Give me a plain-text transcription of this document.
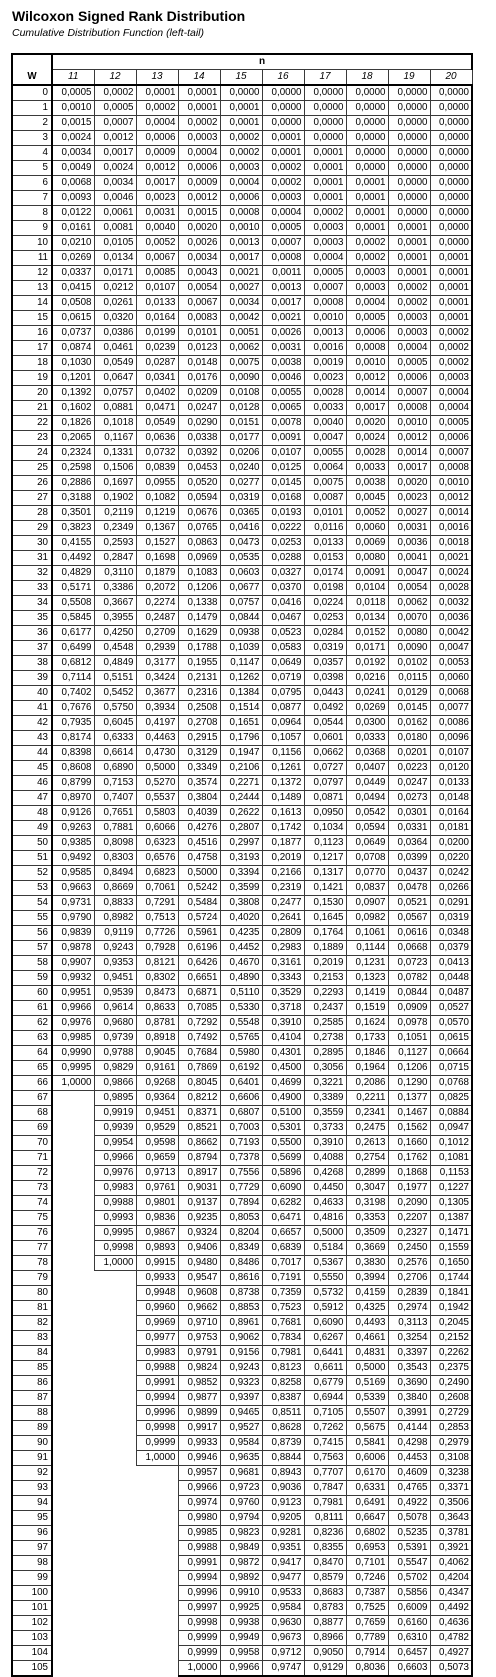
Wilcoxon Signed Rank Distribution
Cumulative Distribution Function (left-tail)
	n									
W	11	12	13	14	15	16	17	18	19	20
0	0,0005	0,0002	0,0001	0,0001	0,0000	0,0000	0,0000	0,0000	0,0000	0,0000
1	0,0010	0,0005	0,0002	0,0001	0,0001	0,0000	0,0000	0,0000	0,0000	0,0000
2	0,0015	0,0007	0,0004	0,0002	0,0001	0,0000	0,0000	0,0000	0,0000	0,0000
3	0,0024	0,0012	0,0006	0,0003	0,0002	0,0001	0,0000	0,0000	0,0000	0,0000
4	0,0034	0,0017	0,0009	0,0004	0,0002	0,0001	0,0001	0,0000	0,0000	0,0000
5	0,0049	0,0024	0,0012	0,0006	0,0003	0,0002	0,0001	0,0000	0,0000	0,0000
6	0,0068	0,0034	0,0017	0,0009	0,0004	0,0002	0,0001	0,0001	0,0000	0,0000
7	0,0093	0,0046	0,0023	0,0012	0,0006	0,0003	0,0001	0,0001	0,0000	0,0000
8	0,0122	0,0061	0,0031	0,0015	0,0008	0,0004	0,0002	0,0001	0,0000	0,0000
9	0,0161	0,0081	0,0040	0,0020	0,0010	0,0005	0,0003	0,0001	0,0001	0,0000
10	0,0210	0,0105	0,0052	0,0026	0,0013	0,0007	0,0003	0,0002	0,0001	0,0000
11	0,0269	0,0134	0,0067	0,0034	0,0017	0,0008	0,0004	0,0002	0,0001	0,0001
12	0,0337	0,0171	0,0085	0,0043	0,0021	0,0011	0,0005	0,0003	0,0001	0,0001
13	0,0415	0,0212	0,0107	0,0054	0,0027	0,0013	0,0007	0,0003	0,0002	0,0001
14	0,0508	0,0261	0,0133	0,0067	0,0034	0,0017	0,0008	0,0004	0,0002	0,0001
15	0,0615	0,0320	0,0164	0,0083	0,0042	0,0021	0,0010	0,0005	0,0003	0,0001
16	0,0737	0,0386	0,0199	0,0101	0,0051	0,0026	0,0013	0,0006	0,0003	0,0002
17	0,0874	0,0461	0,0239	0,0123	0,0062	0,0031	0,0016	0,0008	0,0004	0,0002
18	0,1030	0,0549	0,0287	0,0148	0,0075	0,0038	0,0019	0,0010	0,0005	0,0002
19	0,1201	0,0647	0,0341	0,0176	0,0090	0,0046	0,0023	0,0012	0,0006	0,0003
20	0,1392	0,0757	0,0402	0,0209	0,0108	0,0055	0,0028	0,0014	0,0007	0,0004
21	0,1602	0,0881	0,0471	0,0247	0,0128	0,0065	0,0033	0,0017	0,0008	0,0004
22	0,1826	0,1018	0,0549	0,0290	0,0151	0,0078	0,0040	0,0020	0,0010	0,0005
23	0,2065	0,1167	0,0636	0,0338	0,0177	0,0091	0,0047	0,0024	0,0012	0,0006
24	0,2324	0,1331	0,0732	0,0392	0,0206	0,0107	0,0055	0,0028	0,0014	0,0007
25	0,2598	0,1506	0,0839	0,0453	0,0240	0,0125	0,0064	0,0033	0,0017	0,0008
26	0,2886	0,1697	0,0955	0,0520	0,0277	0,0145	0,0075	0,0038	0,0020	0,0010
27	0,3188	0,1902	0,1082	0,0594	0,0319	0,0168	0,0087	0,0045	0,0023	0,0012
28	0,3501	0,2119	0,1219	0,0676	0,0365	0,0193	0,0101	0,0052	0,0027	0,0014
29	0,3823	0,2349	0,1367	0,0765	0,0416	0,0222	0,0116	0,0060	0,0031	0,0016
30	0,4155	0,2593	0,1527	0,0863	0,0473	0,0253	0,0133	0,0069	0,0036	0,0018
31	0,4492	0,2847	0,1698	0,0969	0,0535	0,0288	0,0153	0,0080	0,0041	0,0021
32	0,4829	0,3110	0,1879	0,1083	0,0603	0,0327	0,0174	0,0091	0,0047	0,0024
33	0,5171	0,3386	0,2072	0,1206	0,0677	0,0370	0,0198	0,0104	0,0054	0,0028
34	0,5508	0,3667	0,2274	0,1338	0,0757	0,0416	0,0224	0,0118	0,0062	0,0032
35	0,5845	0,3955	0,2487	0,1479	0,0844	0,0467	0,0253	0,0134	0,0070	0,0036
36	0,6177	0,4250	0,2709	0,1629	0,0938	0,0523	0,0284	0,0152	0,0080	0,0042
37	0,6499	0,4548	0,2939	0,1788	0,1039	0,0583	0,0319	0,0171	0,0090	0,0047
38	0,6812	0,4849	0,3177	0,1955	0,1147	0,0649	0,0357	0,0192	0,0102	0,0053
39	0,7114	0,5151	0,3424	0,2131	0,1262	0,0719	0,0398	0,0216	0,0115	0,0060
40	0,7402	0,5452	0,3677	0,2316	0,1384	0,0795	0,0443	0,0241	0,0129	0,0068
41	0,7676	0,5750	0,3934	0,2508	0,1514	0,0877	0,0492	0,0269	0,0145	0,0077
42	0,7935	0,6045	0,4197	0,2708	0,1651	0,0964	0,0544	0,0300	0,0162	0,0086
43	0,8174	0,6333	0,4463	0,2915	0,1796	0,1057	0,0601	0,0333	0,0180	0,0096
44	0,8398	0,6614	0,4730	0,3129	0,1947	0,1156	0,0662	0,0368	0,0201	0,0107
45	0,8608	0,6890	0,5000	0,3349	0,2106	0,1261	0,0727	0,0407	0,0223	0,0120
46	0,8799	0,7153	0,5270	0,3574	0,2271	0,1372	0,0797	0,0449	0,0247	0,0133
47	0,8970	0,7407	0,5537	0,3804	0,2444	0,1489	0,0871	0,0494	0,0273	0,0148
48	0,9126	0,7651	0,5803	0,4039	0,2622	0,1613	0,0950	0,0542	0,0301	0,0164
49	0,9263	0,7881	0,6066	0,4276	0,2807	0,1742	0,1034	0,0594	0,0331	0,0181
50	0,9385	0,8098	0,6323	0,4516	0,2997	0,1877	0,1123	0,0649	0,0364	0,0200
51	0,9492	0,8303	0,6576	0,4758	0,3193	0,2019	0,1217	0,0708	0,0399	0,0220
52	0,9585	0,8494	0,6823	0,5000	0,3394	0,2166	0,1317	0,0770	0,0437	0,0242
53	0,9663	0,8669	0,7061	0,5242	0,3599	0,2319	0,1421	0,0837	0,0478	0,0266
54	0,9731	0,8833	0,7291	0,5484	0,3808	0,2477	0,1530	0,0907	0,0521	0,0291
55	0,9790	0,8982	0,7513	0,5724	0,4020	0,2641	0,1645	0,0982	0,0567	0,0319
56	0,9839	0,9119	0,7726	0,5961	0,4235	0,2809	0,1764	0,1061	0,0616	0,0348
57	0,9878	0,9243	0,7928	0,6196	0,4452	0,2983	0,1889	0,1144	0,0668	0,0379
58	0,9907	0,9353	0,8121	0,6426	0,4670	0,3161	0,2019	0,1231	0,0723	0,0413
59	0,9932	0,9451	0,8302	0,6651	0,4890	0,3343	0,2153	0,1323	0,0782	0,0448
60	0,9951	0,9539	0,8473	0,6871	0,5110	0,3529	0,2293	0,1419	0,0844	0,0487
61	0,9966	0,9614	0,8633	0,7085	0,5330	0,3718	0,2437	0,1519	0,0909	0,0527
62	0,9976	0,9680	0,8781	0,7292	0,5548	0,3910	0,2585	0,1624	0,0978	0,0570
63	0,9985	0,9739	0,8918	0,7492	0,5765	0,4104	0,2738	0,1733	0,1051	0,0615
64	0,9990	0,9788	0,9045	0,7684	0,5980	0,4301	0,2895	0,1846	0,1127	0,0664
65	0,9995	0,9829	0,9161	0,7869	0,6192	0,4500	0,3056	0,1964	0,1206	0,0715
66	1,0000	0,9866	0,9268	0,8045	0,6401	0,4699	0,3221	0,2086	0,1290	0,0768
67		0,9895	0,9364	0,8212	0,6606	0,4900	0,3389	0,2211	0,1377	0,0825
68		0,9919	0,9451	0,8371	0,6807	0,5100	0,3559	0,2341	0,1467	0,0884
69		0,9939	0,9529	0,8521	0,7003	0,5301	0,3733	0,2475	0,1562	0,0947
70		0,9954	0,9598	0,8662	0,7193	0,5500	0,3910	0,2613	0,1660	0,1012
71		0,9966	0,9659	0,8794	0,7378	0,5699	0,4088	0,2754	0,1762	0,1081
72		0,9976	0,9713	0,8917	0,7556	0,5896	0,4268	0,2899	0,1868	0,1153
73		0,9983	0,9761	0,9031	0,7729	0,6090	0,4450	0,3047	0,1977	0,1227
74		0,9988	0,9801	0,9137	0,7894	0,6282	0,4633	0,3198	0,2090	0,1305
75		0,9993	0,9836	0,9235	0,8053	0,6471	0,4816	0,3353	0,2207	0,1387
76		0,9995	0,9867	0,9324	0,8204	0,6657	0,5000	0,3509	0,2327	0,1471
77		0,9998	0,9893	0,9406	0,8349	0,6839	0,5184	0,3669	0,2450	0,1559
78		1,0000	0,9915	0,9480	0,8486	0,7017	0,5367	0,3830	0,2576	0,1650
79			0,9933	0,9547	0,8616	0,7191	0,5550	0,3994	0,2706	0,1744
80			0,9948	0,9608	0,8738	0,7359	0,5732	0,4159	0,2839	0,1841
81			0,9960	0,9662	0,8853	0,7523	0,5912	0,4325	0,2974	0,1942
82			0,9969	0,9710	0,8961	0,7681	0,6090	0,4493	0,3113	0,2045
83			0,9977	0,9753	0,9062	0,7834	0,6267	0,4661	0,3254	0,2152
84			0,9983	0,9791	0,9156	0,7981	0,6441	0,4831	0,3397	0,2262
85			0,9988	0,9824	0,9243	0,8123	0,6611	0,5000	0,3543	0,2375
86			0,9991	0,9852	0,9323	0,8258	0,6779	0,5169	0,3690	0,2490
87			0,9994	0,9877	0,9397	0,8387	0,6944	0,5339	0,3840	0,2608
88			0,9996	0,9899	0,9465	0,8511	0,7105	0,5507	0,3991	0,2729
89			0,9998	0,9917	0,9527	0,8628	0,7262	0,5675	0,4144	0,2853
90			0,9999	0,9933	0,9584	0,8739	0,7415	0,5841	0,4298	0,2979
91			1,0000	0,9946	0,9635	0,8844	0,7563	0,6006	0,4453	0,3108
92				0,9957	0,9681	0,8943	0,7707	0,6170	0,4609	0,3238
93				0,9966	0,9723	0,9036	0,7847	0,6331	0,4765	0,3371
94				0,9974	0,9760	0,9123	0,7981	0,6491	0,4922	0,3506
95				0,9980	0,9794	0,9205	0,8111	0,6647	0,5078	0,3643
96				0,9985	0,9823	0,9281	0,8236	0,6802	0,5235	0,3781
97				0,9988	0,9849	0,9351	0,8355	0,6953	0,5391	0,3921
98				0,9991	0,9872	0,9417	0,8470	0,7101	0,5547	0,4062
99				0,9994	0,9892	0,9477	0,8579	0,7246	0,5702	0,4204
100				0,9996	0,9910	0,9533	0,8683	0,7387	0,5856	0,4347
101				0,9997	0,9925	0,9584	0,8783	0,7525	0,6009	0,4492
102				0,9998	0,9938	0,9630	0,8877	0,7659	0,6160	0,4636
103				0,9999	0,9949	0,9673	0,8966	0,7789	0,6310	0,4782
104				0,9999	0,9958	0,9712	0,9050	0,7914	0,6457	0,4927
105				1,0000	0,9966	0,9747	0,9129	0,8036	0,6603	0,5073
